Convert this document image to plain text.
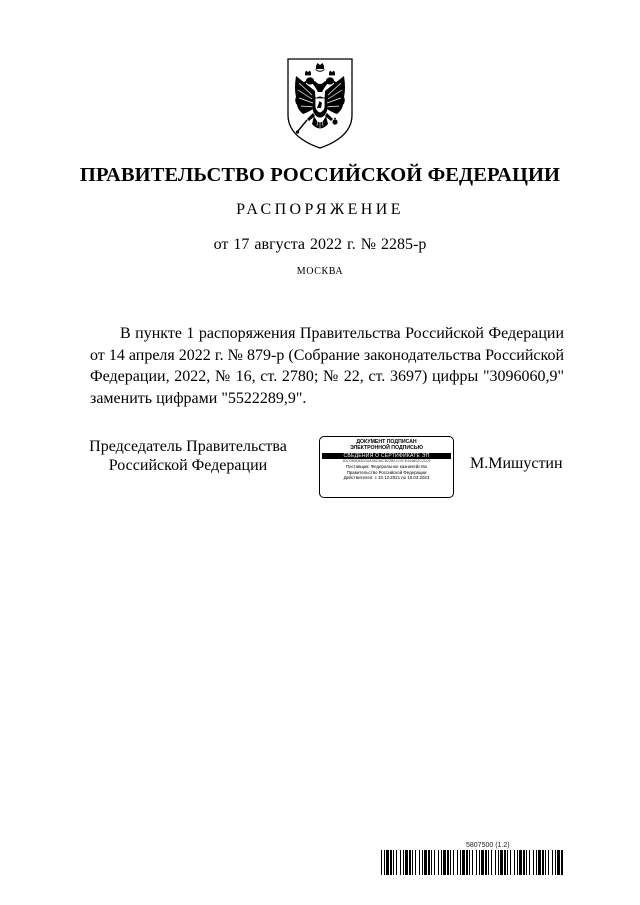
ПРАВИТЕЛЬСТВО РОССИЙСКОЙ ФЕДЕРАЦИИ
РАСПОРЯЖЕНИЕ
от 17 августа 2022 г. № 2285-р
МОСКВА

В пункте 1 распоряжения Правительства Российской Федерации от 14 апреля 2022 г. № 879-р (Собрание законодательства Российской Федерации, 2022, № 16, ст. 2780; № 22, ст. 3697) цифры "3096060,9" заменить цифрами "5522289,9".

Председатель Правительства
Российской Федерации
ДОКУМЕНТ ПОДПИСАН
ЭЛЕКТРОННОЙ ПОДПИСЬЮ
СВЕДЕНИЯ О СЕРТИФИКАТЕ ЭП
4DC0B5D83D2AA08C36CB22BF1C0CE444B02C2C09
Поставщик: Федеральное казначейство
Правительство Российской Федерации
Действителен: с 10.12.2021 по 10.03.2023
М.Мишустин
5807500 (1.2)
